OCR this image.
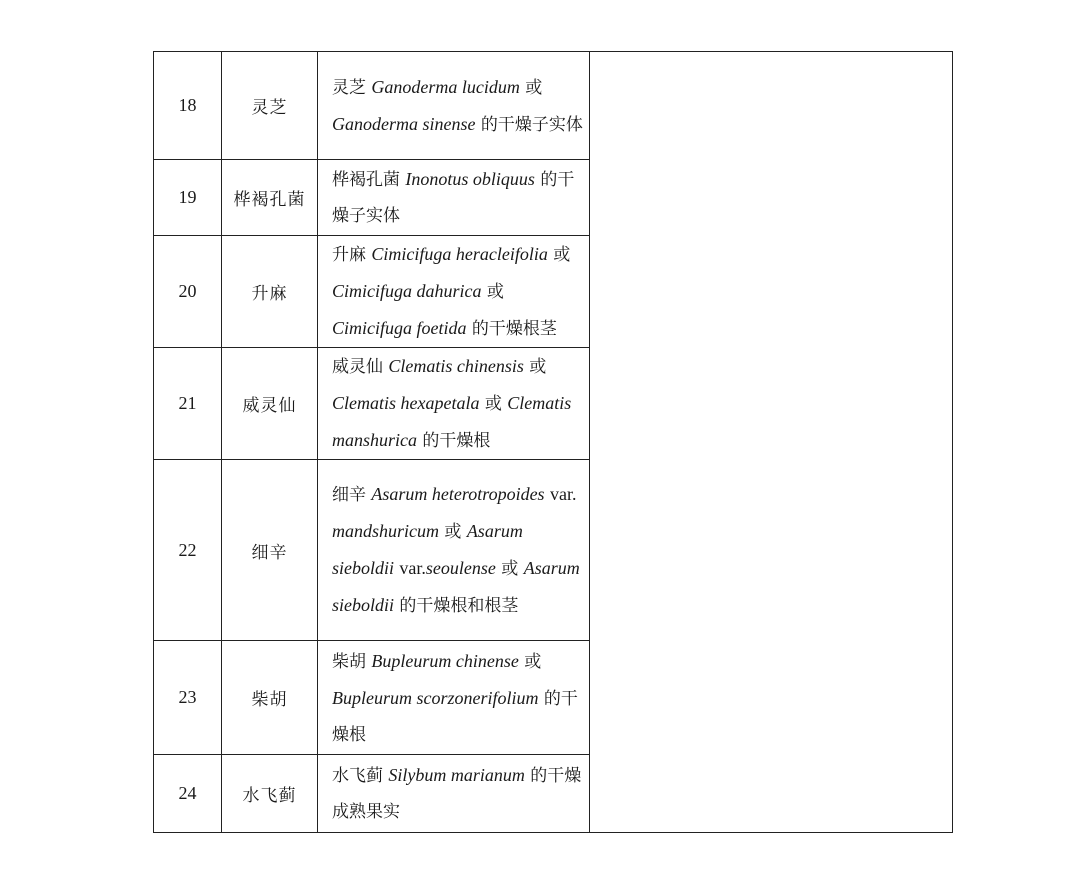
18	灵芝	灵芝 Ganoderma lucidum 或 Ganoderma sinense 的干燥子实体	
19	桦褐孔菌	桦褐孔菌 Inonotus obliquus 的干燥子实体	
20	升麻	升麻 Cimicifuga heracleifolia 或 Cimicifuga dahurica 或 Cimicifuga foetida 的干燥根茎	
21	威灵仙	威灵仙 Clematis chinensis 或 Clematis hexapetala 或 Clematis manshurica 的干燥根	
22	细辛	细辛 Asarum heterotropoides var. mandshuricum 或 Asarum sieboldii var.seoulense 或 Asarum sieboldii 的干燥根和根茎	
23	柴胡	柴胡 Bupleurum chinense 或 Bupleurum scorzonerifolium 的干燥根	
24	水飞蓟	水飞蓟 Silybum marianum 的干燥成熟果实	
